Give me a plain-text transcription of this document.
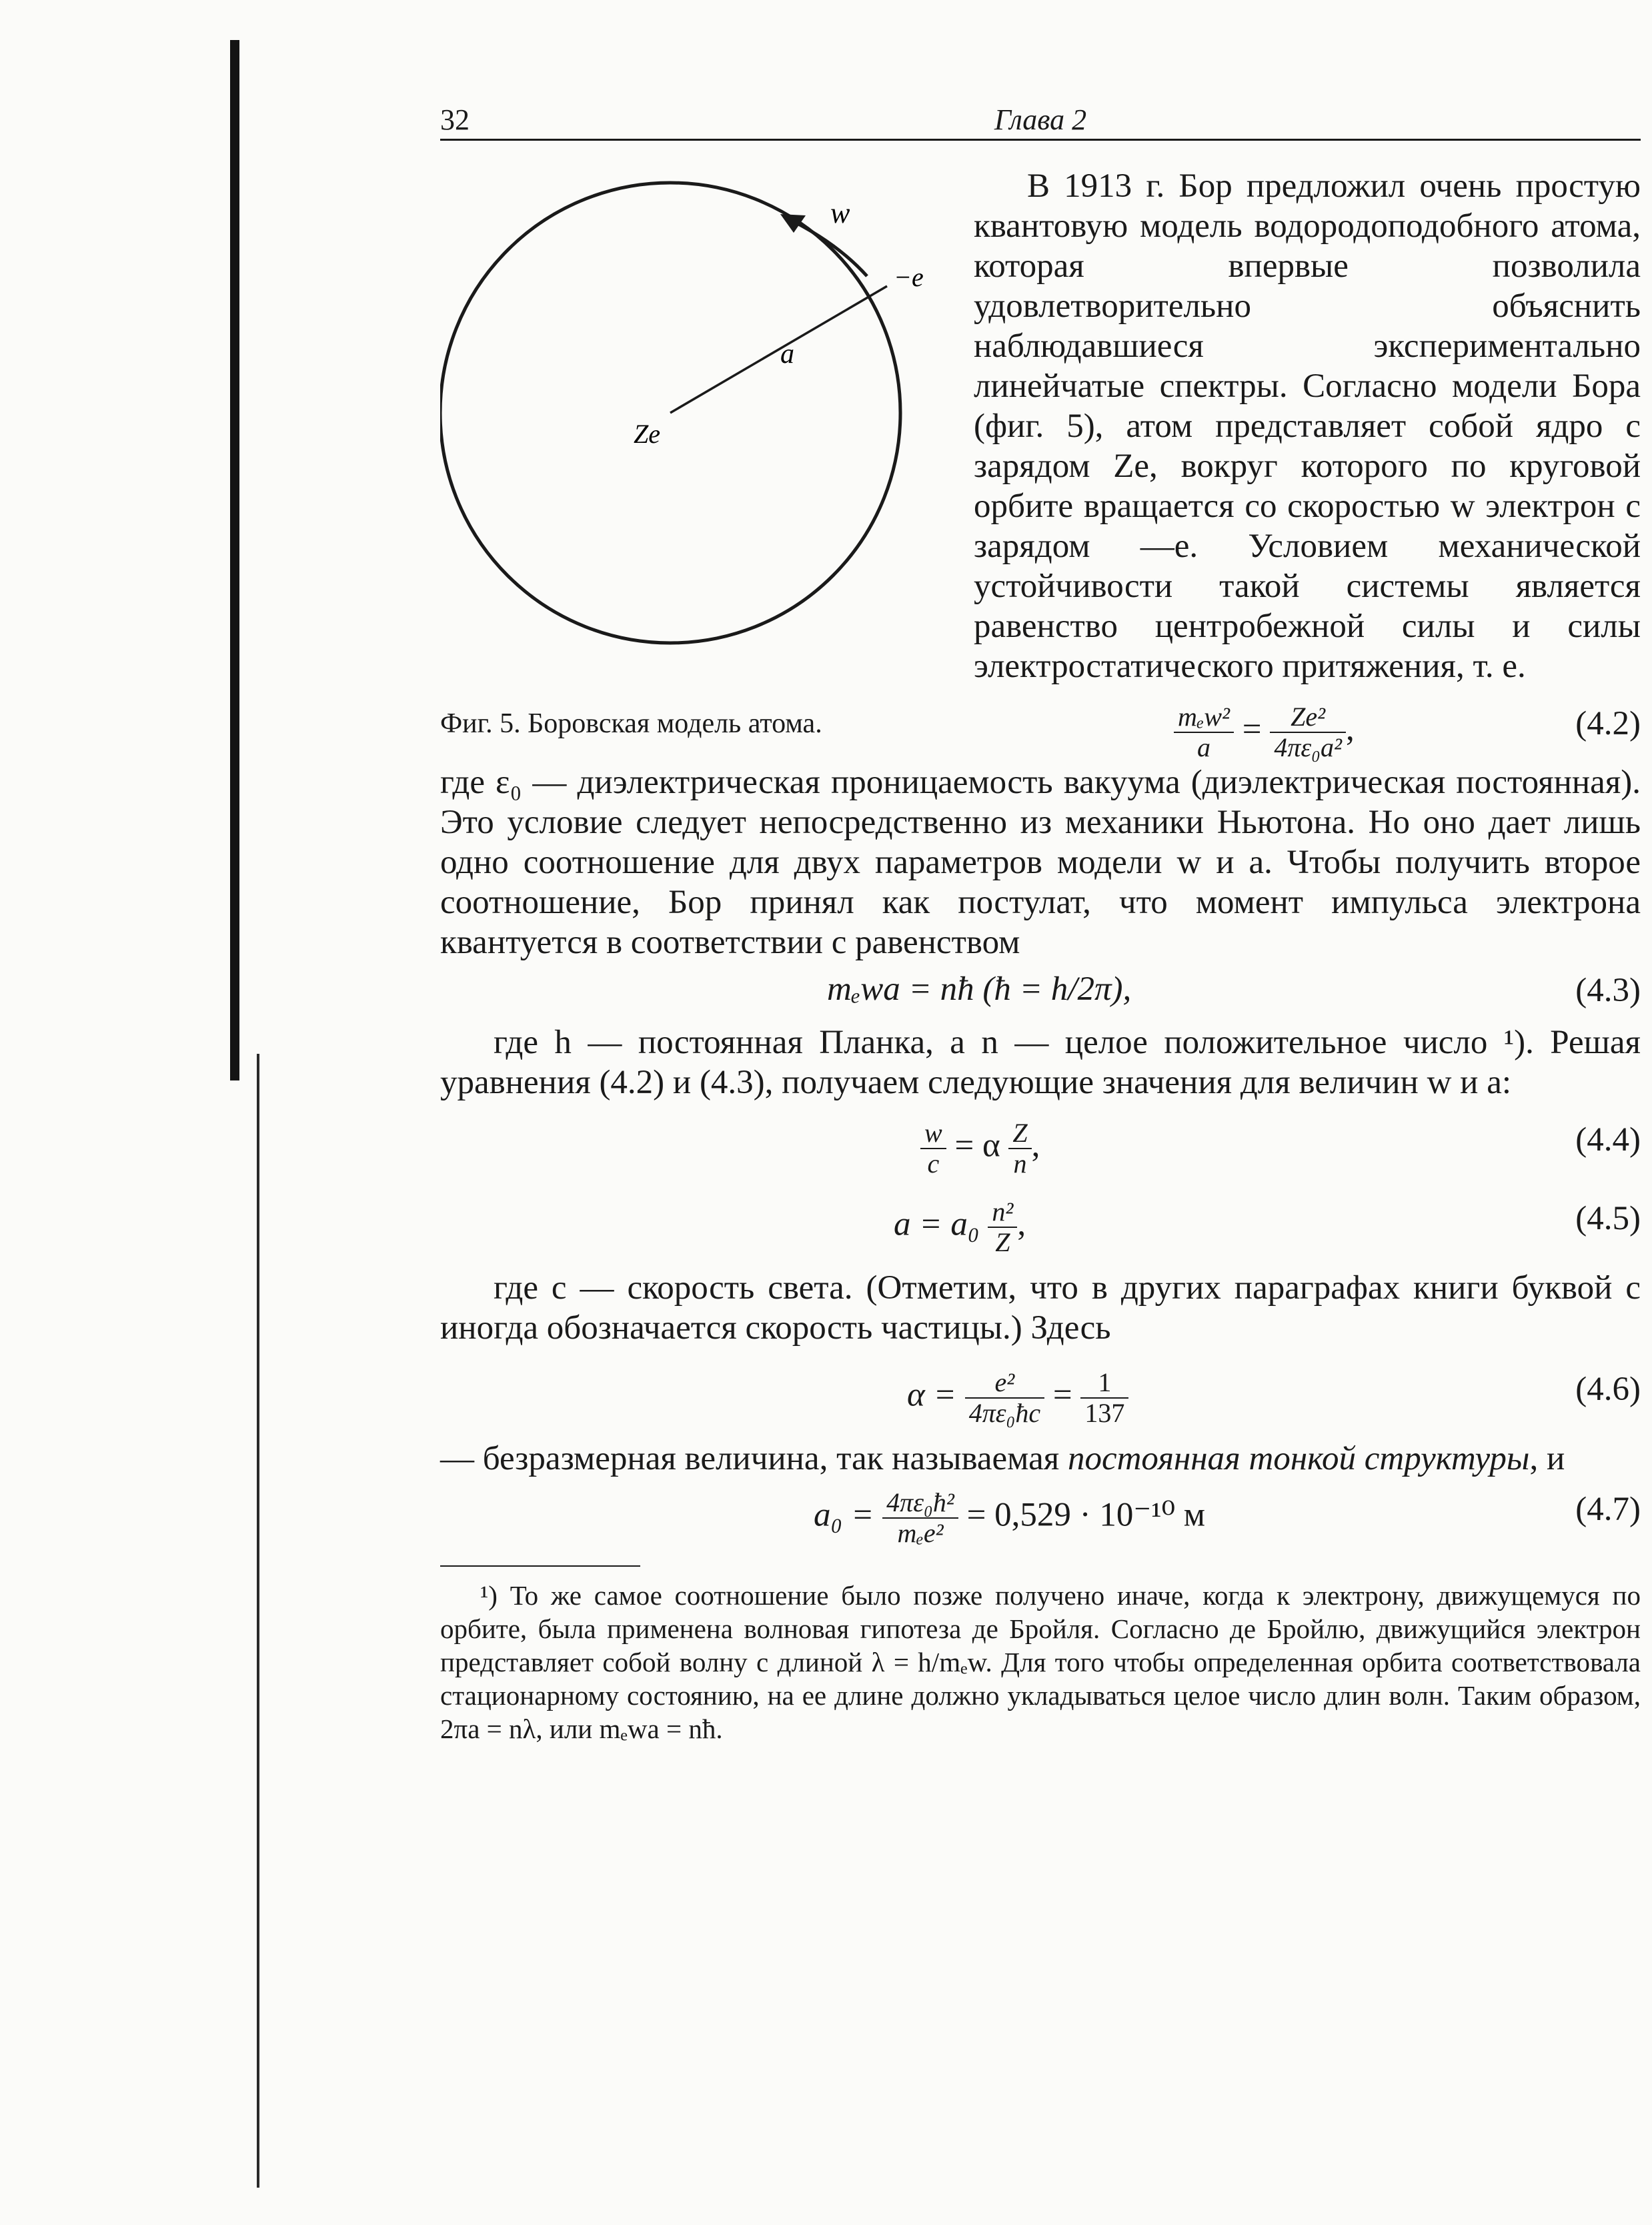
32	Глава 2
w
−e
a
Ze
Фиг. 5. Боровская модель атома.

В 1913 г. Бор предложил очень простую квантовую модель водородоподобного атома, которая впервые позволила удовлетворительно объяснить наблюдавшиеся экспериментально линейчатые спектры. Согласно модели Бора (фиг. 5), атом представляет собой ядро с зарядом Ze, вокруг которого по круговой орбите вращается со скоростью w электрон с зарядом —e. Условием механической устойчивости такой системы является равенство центробежной силы и силы электростатического притяжения, т. е.

$\frac{\text{mₑw²}}{a} = \frac{\text{Ze²}}{\text{4πε₀a²}}$ ,	(4.2)

где ε₀ — диэлектрическая проницаемость вакуума (диэлектрическая постоянная). Это условие следует непосредственно из механики Ньютона. Но оно дает лишь одно соотношение для двух параметров модели w и a. Чтобы получить второе соотношение, Бор принял как постулат, что момент импульса электрона квантуется в соответствии с равенством

mₑwa = nħ (ħ = h/2π),	(4.3)

где h — постоянная Планка, а n — целое положительное число ¹). Решая уравнения (4.2) и (4.3), получаем следующие значения для величин w и a:

$\frac{w}{c} = \alpha \frac{Z}{n}$ ,	(4.4)
$a = a_0 \frac{\text{n²}}{Z}$ ,	(4.5)

где c — скорость света. (Отметим, что в других параграфах книги буквой c иногда обозначается скорость частицы.) Здесь

$\alpha = \frac{\text{e²}}{\text{4πε₀ħc}} = \frac{1}{137}$	(4.6)

— безразмерная величина, так называемая постоянная тонкой структуры, и

$a_0 = \frac{\text{4πε₀ħ²}}{\text{mₑe²}} = 0,529 \cdot 10^{-10}$ м	(4.7)

¹) То же самое соотношение было позже получено иначе, когда к электрону, движущемуся по орбите, была применена волновая гипотеза де Бройля. Согласно де Бройлю, движущийся электрон представляет собой волну с длиной λ = h/mₑw. Для того чтобы определенная орбита соответствовала стационарному состоянию, на ее длине должно укладываться целое число длин волн. Таким образом, 2πa = nλ, или mₑwa = nħ.
